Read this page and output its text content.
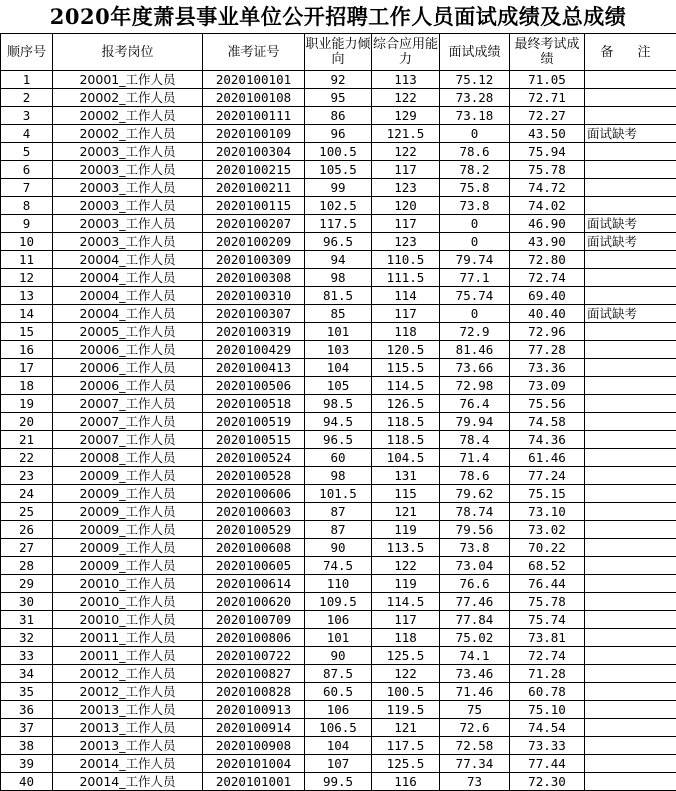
2020年度萧县事业单位公开招聘工作人员面试成绩及总成绩
顺序号	报考岗位	准考证号	职业能力倾向	综合应用能力	面试成绩	最终考试成绩	备 注
1	20001_工作人员	2020100101	92	113	75.12	71.05	
2	20002_工作人员	2020100108	95	122	73.28	72.71	
3	20002_工作人员	2020100111	86	129	73.18	72.27	
4	20002_工作人员	2020100109	96	121.5	0	43.50	面试缺考
5	20003_工作人员	2020100304	100.5	122	78.6	75.94	
6	20003_工作人员	2020100215	105.5	117	78.2	75.78	
7	20003_工作人员	2020100211	99	123	75.8	74.72	
8	20003_工作人员	2020100115	102.5	120	73.8	74.02	
9	20003_工作人员	2020100207	117.5	117	0	46.90	面试缺考
10	20003_工作人员	2020100209	96.5	123	0	43.90	面试缺考
11	20004_工作人员	2020100309	94	110.5	79.74	72.80	
12	20004_工作人员	2020100308	98	111.5	77.1	72.74	
13	20004_工作人员	2020100310	81.5	114	75.74	69.40	
14	20004_工作人员	2020100307	85	117	0	40.40	面试缺考
15	20005_工作人员	2020100319	101	118	72.9	72.96	
16	20006_工作人员	2020100429	103	120.5	81.46	77.28	
17	20006_工作人员	2020100413	104	115.5	73.66	73.36	
18	20006_工作人员	2020100506	105	114.5	72.98	73.09	
19	20007_工作人员	2020100518	98.5	126.5	76.4	75.56	
20	20007_工作人员	2020100519	94.5	118.5	79.94	74.58	
21	20007_工作人员	2020100515	96.5	118.5	78.4	74.36	
22	20008_工作人员	2020100524	60	104.5	71.4	61.46	
23	20009_工作人员	2020100528	98	131	78.6	77.24	
24	20009_工作人员	2020100606	101.5	115	79.62	75.15	
25	20009_工作人员	2020100603	87	121	78.74	73.10	
26	20009_工作人员	2020100529	87	119	79.56	73.02	
27	20009_工作人员	2020100608	90	113.5	73.8	70.22	
28	20009_工作人员	2020100605	74.5	122	73.04	68.52	
29	20010_工作人员	2020100614	110	119	76.6	76.44	
30	20010_工作人员	2020100620	109.5	114.5	77.46	75.78	
31	20010_工作人员	2020100709	106	117	77.84	75.74	
32	20011_工作人员	2020100806	101	118	75.02	73.81	
33	20011_工作人员	2020100722	90	125.5	74.1	72.74	
34	20012_工作人员	2020100827	87.5	122	73.46	71.28	
35	20012_工作人员	2020100828	60.5	100.5	71.46	60.78	
36	20013_工作人员	2020100913	106	119.5	75	75.10	
37	20013_工作人员	2020100914	106.5	121	72.6	74.54	
38	20013_工作人员	2020100908	104	117.5	72.58	73.33	
39	20014_工作人员	2020101004	107	125.5	77.34	77.44	
40	20014_工作人员	2020101001	99.5	116	73	72.30	
